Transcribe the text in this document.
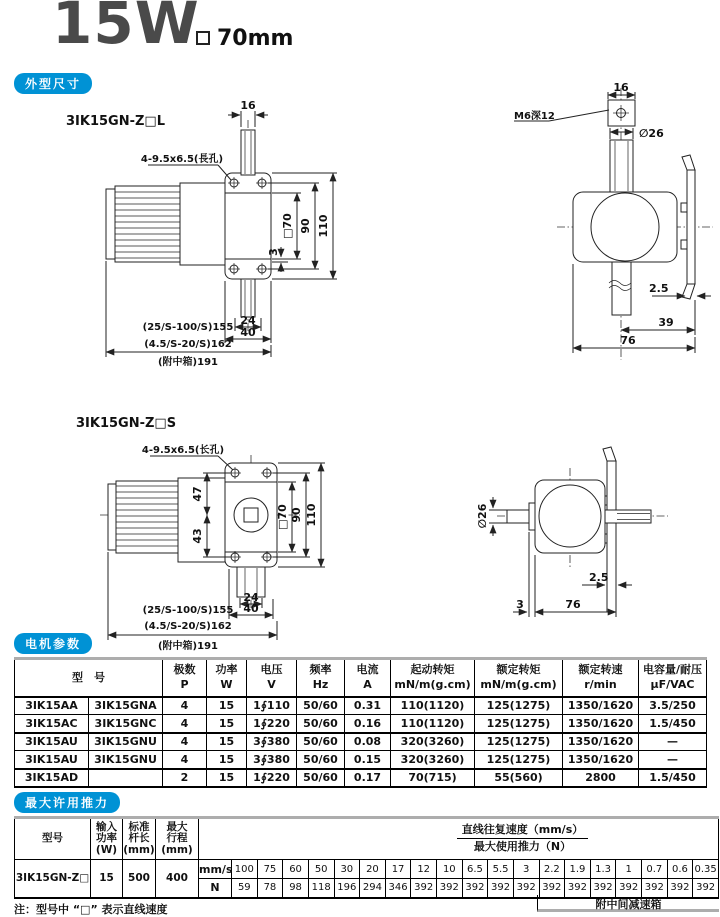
15W 70mm
外型尺寸
3IK15GN-Z□L
3IK15GN-Z□S
16
4-9.5x6.5(長孔)
□70 90 110
3
24
40
(25/S-100/S)155
(4.5/S-20/S)162
(附中箱)191
16
M6深12
∅26
2.5
39
76
4-9.5x6.5(长孔)
47
43
□70 90 110
24
40
(25/S-100/S)155
(4.5/S-20/S)162
(附中箱)191
∅26
2.5
3	76
电机参数
型　号

极数
P

功率
W

电压
V

频率
Hz

电流
A

起动转矩
mN/m(g.cm)

额定转矩
mN/m(g.cm)

额定转速
r/min

电容量/耐压
μF/VAC

3IK15AA	3IK15GNA	4	15	1∮110	50/60	0.31	110(1120)	125(1275)	1350/1620	3.5/250
3IK15AC	3IK15GNC	4	15	1∮220	50/60	0.16	110(1120)	125(1275)	1350/1620	1.5/450
3IK15AU	3IK15GNU	4	15	3∮380	50/60	0.08	320(3260)	125(1275)	1350/1620	—
3IK15AU	3IK15GNU	4	15	3∮380	50/60	0.15	320(3260)	125(1275)	1350/1620	—
3IK15AD		2	15	1∮220	50/60	0.17	70(715)	55(560)	2800	1.5/450
最大许用推力
型号	
输入
功率
(W)

标准
杆长
(mm)

最大
行程
(mm)

直线往复速度（mm/s）
最大使用推力（N）

3IK15GN-Z□	15	500	400	mm/s	100	75	60	50	30	20	17	12	10	6.5	5.5	3	2.2	1.9	1.3	1	0.7	0.6	0.35
				N	59	78	98	118	196	294	346	392	392	392	392	392	392	392	392	392	392	392	392
附中间减速箱
注：型号中 “□” 表示直线速度
